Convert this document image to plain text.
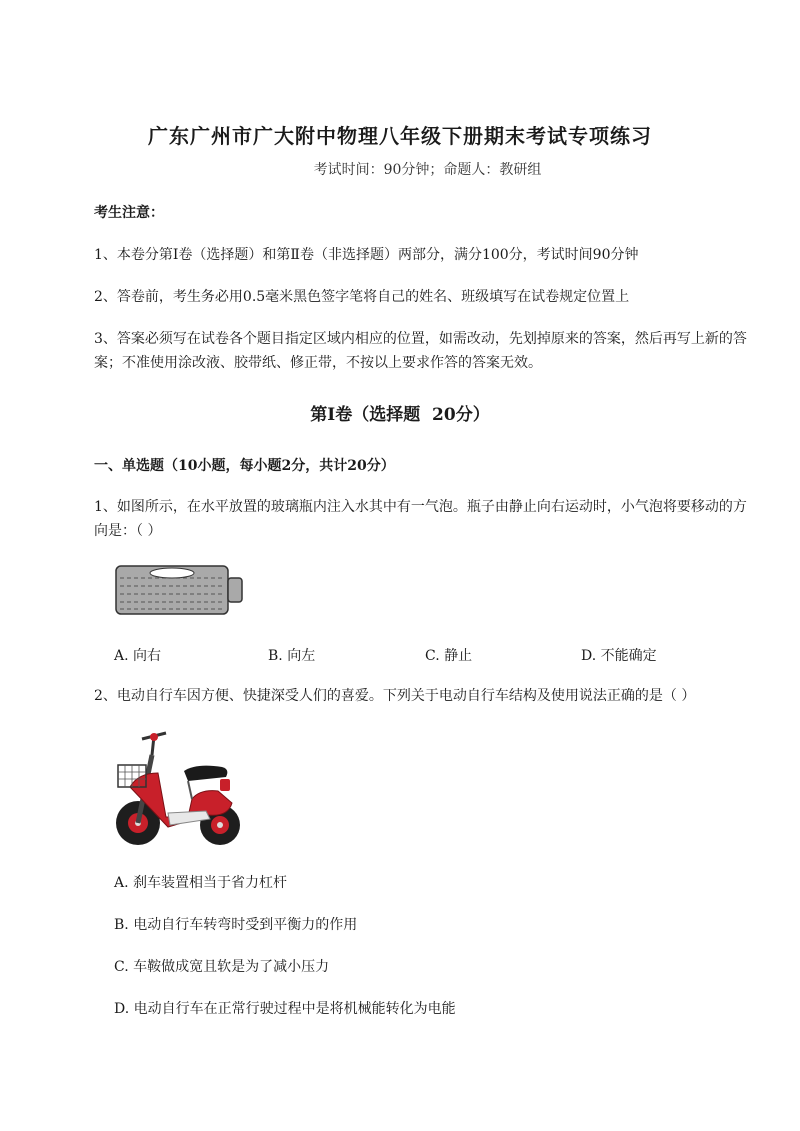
广东广州市广大附中物理八年级下册期末考试专项练习
考试时间：90分钟；命题人：教研组
考生注意：
1、本卷分第I卷（选择题）和第Ⅱ卷（非选择题）两部分，满分100分，考试时间90分钟
2、答卷前，考生务必用0.5毫米黑色签字笔将自己的姓名、班级填写在试卷规定位置上
3、答案必须写在试卷各个题目指定区域内相应的位置，如需改动，先划掉原来的答案，然后再写上新的答案；不准使用涂改液、胶带纸、修正带，不按以上要求作答的答案无效。
第I卷（选择题  20分）
一、单选题（10小题，每小题2分，共计20分）
1、如图所示，在水平放置的玻璃瓶内注入水其中有一气泡。瓶子由静止向右运动时，小气泡将要移动的方向是：（ ）
A. 向右	B. 向左	C. 静止	D. 不能确定
2、电动自行车因方便、快捷深受人们的喜爱。下列关于电动自行车结构及使用说法正确的是（ ）
A. 刹车装置相当于省力杠杆
B. 电动自行车转弯时受到平衡力的作用
C. 车鞍做成宽且软是为了减小压力
D. 电动自行车在正常行驶过程中是将机械能转化为电能
